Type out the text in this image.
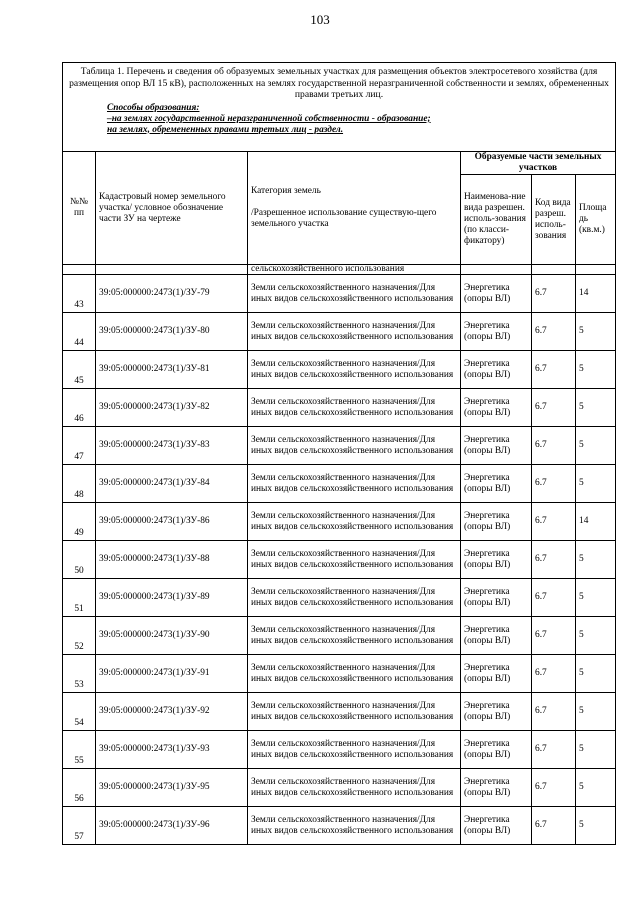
103
Таблица 1. Перечень и сведения об образуемых земельных участках для размещения объектов электросетевого хозяйства (для размещения опор ВЛ 15 кВ), расположенных на землях государственной неразграниченной собственности и землях, обремененных правами третьих лиц.
Способы образования:
–на землях государственной неразграниченной собственности - образование;
на землях, обремененных правами третьих лиц - раздел.					

№№ пп	Кадастровый номер земельного участка/ условное обозначение части ЗУ на чертеже	Категория земель

/Разрешенное использование существую-щего земельного участка	Образуемые части земельных участков		
			Наименова-ние вида разрешен. исполь-зования (по класси-фикатору)	Код вида разреш. исполь-зования	Площа дь (кв.м.)
		сельскохозяйственного использования			
43	39:05:000000:2473(1)/ЗУ-79	Земли сельскохозяйственного назначения/Для иных видов сельскохозяйственного использования	Энергетика (опоры ВЛ)	6.7	14
44	39:05:000000:2473(1)/ЗУ-80	Земли сельскохозяйственного назначения/Для иных видов сельскохозяйственного использования	Энергетика (опоры ВЛ)	6.7	5
45	39:05:000000:2473(1)/ЗУ-81	Земли сельскохозяйственного назначения/Для иных видов сельскохозяйственного использования	Энергетика (опоры ВЛ)	6.7	5
46	39:05:000000:2473(1)/ЗУ-82	Земли сельскохозяйственного назначения/Для иных видов сельскохозяйственного использования	Энергетика (опоры ВЛ)	6.7	5
47	39:05:000000:2473(1)/ЗУ-83	Земли сельскохозяйственного назначения/Для иных видов сельскохозяйственного использования	Энергетика (опоры ВЛ)	6.7	5
48	39:05:000000:2473(1)/ЗУ-84	Земли сельскохозяйственного назначения/Для иных видов сельскохозяйственного использования	Энергетика (опоры ВЛ)	6.7	5
49	39:05:000000:2473(1)/ЗУ-86	Земли сельскохозяйственного назначения/Для иных видов сельскохозяйственного использования	Энергетика (опоры ВЛ)	6.7	14
50	39:05:000000:2473(1)/ЗУ-88	Земли сельскохозяйственного назначения/Для иных видов сельскохозяйственного использования	Энергетика (опоры ВЛ)	6.7	5
51	39:05:000000:2473(1)/ЗУ-89	Земли сельскохозяйственного назначения/Для иных видов сельскохозяйственного использования	Энергетика (опоры ВЛ)	6.7	5
52	39:05:000000:2473(1)/ЗУ-90	Земли сельскохозяйственного назначения/Для иных видов сельскохозяйственного использования	Энергетика (опоры ВЛ)	6.7	5
53	39:05:000000:2473(1)/ЗУ-91	Земли сельскохозяйственного назначения/Для иных видов сельскохозяйственного использования	Энергетика (опоры ВЛ)	6.7	5
54	39:05:000000:2473(1)/ЗУ-92	Земли сельскохозяйственного назначения/Для иных видов сельскохозяйственного использования	Энергетика (опоры ВЛ)	6.7	5
55	39:05:000000:2473(1)/ЗУ-93	Земли сельскохозяйственного назначения/Для иных видов сельскохозяйственного использования	Энергетика (опоры ВЛ)	6.7	5
56	39:05:000000:2473(1)/ЗУ-95	Земли сельскохозяйственного назначения/Для иных видов сельскохозяйственного использования	Энергетика (опоры ВЛ)	6.7	5
57	39:05:000000:2473(1)/ЗУ-96	Земли сельскохозяйственного назначения/Для иных видов сельскохозяйственного использования	Энергетика (опоры ВЛ)	6.7	5
